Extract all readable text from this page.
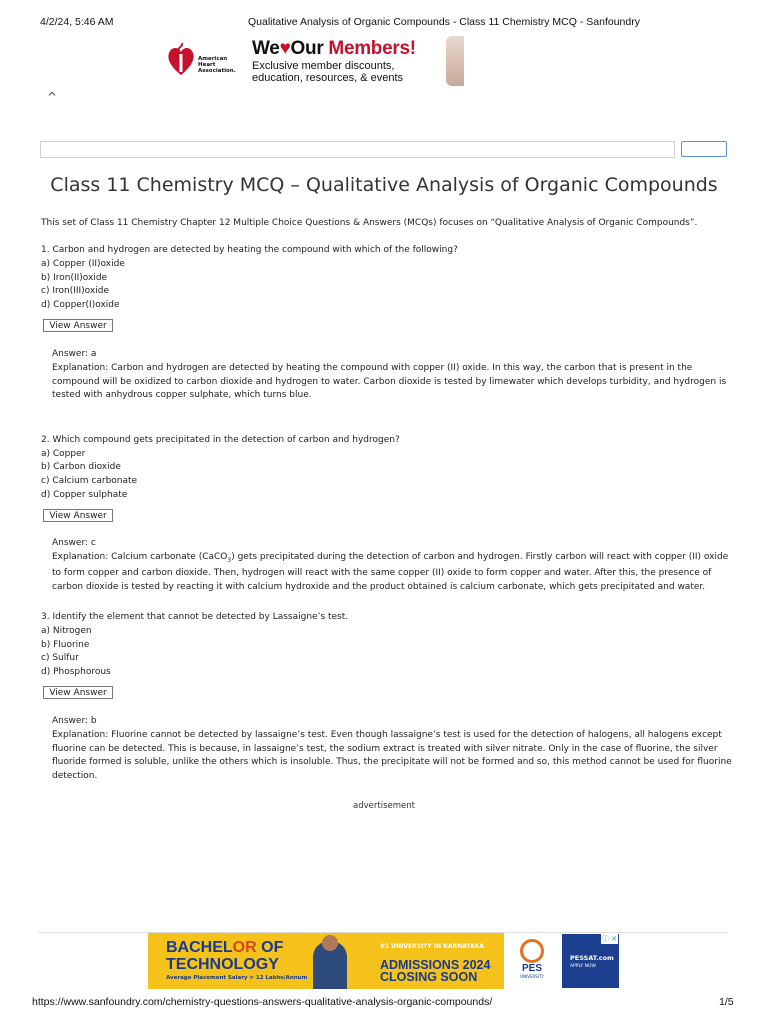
4/2/24, 5:46 AM	Qualitative Analysis of Organic Compounds - Class 11 Chemistry MCQ - Sanfoundry
American Heart Association.
We♥Our Members!
Exclusive member discounts,
education, resources, & events
^
Class 11 Chemistry MCQ – Qualitative Analysis of Organic Compounds
This set of Class 11 Chemistry Chapter 12 Multiple Choice Questions & Answers (MCQs) focuses on “Qualitative Analysis of Organic Compounds”.
1. Carbon and hydrogen are detected by heating the compound with which of the following?
a) Copper (II)oxide
b) Iron(II)oxide
c) Iron(III)oxide
d) Copper(I)oxide
View Answer
Answer: a
Explanation: Carbon and hydrogen are detected by heating the compound with copper (II) oxide. In this way, the carbon that is present in the compound will be oxidized to carbon dioxide and hydrogen to water. Carbon dioxide is tested by limewater which develops turbidity, and hydrogen is tested with anhydrous copper sulphate, which turns blue.
2. Which compound gets precipitated in the detection of carbon and hydrogen?
a) Copper
b) Carbon dioxide
c) Calcium carbonate
d) Copper sulphate
View Answer
Answer: c
Explanation: Calcium carbonate (CaCO$_3$) gets precipitated during the detection of carbon and hydrogen. Firstly carbon will react with copper (II) oxide to form copper and carbon dioxide. Then, hydrogen will react with the same copper (II) oxide to form copper and water. After this, the presence of carbon dioxide is tested by reacting it with calcium hydroxide and the product obtained is calcium carbonate, which gets precipitated and water.
3. Identify the element that cannot be detected by Lassaigne’s test.
a) Nitrogen
b) Fluorine
c) Sulfur
d) Phosphorous
View Answer
Answer: b
Explanation: Fluorine cannot be detected by lassaigne’s test. Even though lassaigne’s test is used for the detection of halogens, all halogens except fluorine can be detected. This is because, in lassaigne’s test, the sodium extract is treated with silver nitrate. Only in the case of fluorine, the silver fluoride formed is soluble, unlike the others which is insoluble. Thus, the precipitate will not be formed and so, this method cannot be used for fluorine detection.
advertisement
BACHELOR OF
TECHNOLOGY
Average Placement Salary > 12 Lakhs/Annum
#1 UNIVERSITY IN KARNATAKA
ADMISSIONS 2024
CLOSING SOON
PES
UNIVERSITY
ⓘ ✕
PESSAT.com
APPLY NOW
https://www.sanfoundry.com/chemistry-questions-answers-qualitative-analysis-organic-compounds/	1/5
